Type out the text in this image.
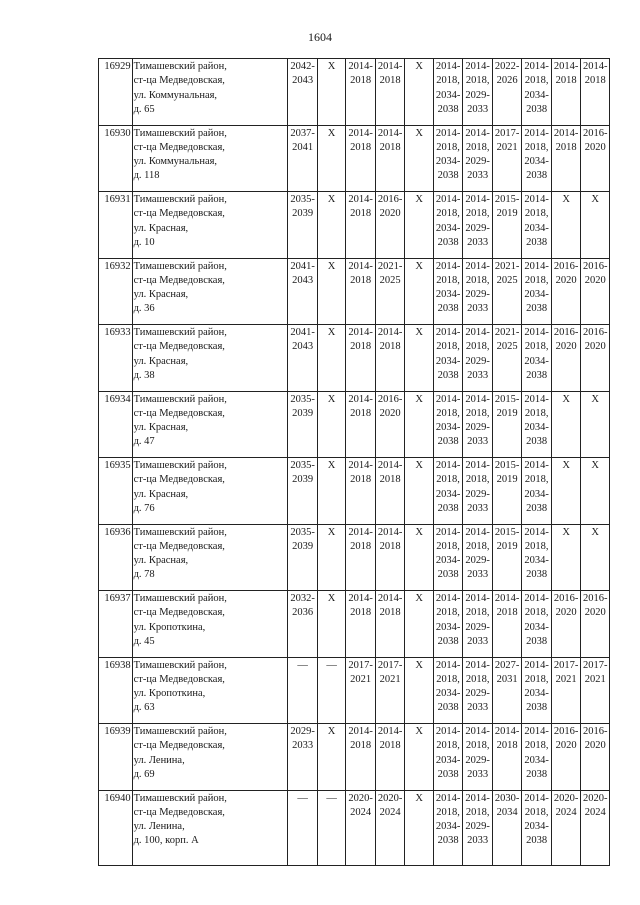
1604
16929	Тимашевский район,
ст-ца Медведовская,
ул. Коммунальная,
д. 65	2042-
2043	X	2014-
2018	2014-
2018	X	2014-
2018,
2034-
2038	2014-
2018,
2029-
2033	2022-
2026	2014-
2018,
2034-
2038	2014-
2018	2014-
2018

16930	Тимашевский район,
ст-ца Медведовская,
ул. Коммунальная,
д. 118	2037-
2041	X	2014-
2018	2014-
2018	X	2014-
2018,
2034-
2038	2014-
2018,
2029-
2033	2017-
2021	2014-
2018,
2034-
2038	2014-
2018	2016-
2020

16931	Тимашевский район,
ст-ца Медведовская,
ул. Красная,
д. 10	2035-
2039	X	2014-
2018	2016-
2020	X	2014-
2018,
2034-
2038	2014-
2018,
2029-
2033	2015-
2019	2014-
2018,
2034-
2038	X	X

16932	Тимашевский район,
ст-ца Медведовская,
ул. Красная,
д. 36	2041-
2043	X	2014-
2018	2021-
2025	X	2014-
2018,
2034-
2038	2014-
2018,
2029-
2033	2021-
2025	2014-
2018,
2034-
2038	2016-
2020	2016-
2020

16933	Тимашевский район,
ст-ца Медведовская,
ул. Красная,
д. 38	2041-
2043	X	2014-
2018	2014-
2018	X	2014-
2018,
2034-
2038	2014-
2018,
2029-
2033	2021-
2025	2014-
2018,
2034-
2038	2016-
2020	2016-
2020

16934	Тимашевский район,
ст-ца Медведовская,
ул. Красная,
д. 47	2035-
2039	X	2014-
2018	2016-
2020	X	2014-
2018,
2034-
2038	2014-
2018,
2029-
2033	2015-
2019	2014-
2018,
2034-
2038	X	X

16935	Тимашевский район,
ст-ца Медведовская,
ул. Красная,
д. 76	2035-
2039	X	2014-
2018	2014-
2018	X	2014-
2018,
2034-
2038	2014-
2018,
2029-
2033	2015-
2019	2014-
2018,
2034-
2038	X	X

16936	Тимашевский район,
ст-ца Медведовская,
ул. Красная,
д. 78	2035-
2039	X	2014-
2018	2014-
2018	X	2014-
2018,
2034-
2038	2014-
2018,
2029-
2033	2015-
2019	2014-
2018,
2034-
2038	X	X

16937	Тимашевский район,
ст-ца Медведовская,
ул. Кропоткина,
д. 45	2032-
2036	X	2014-
2018	2014-
2018	X	2014-
2018,
2034-
2038	2014-
2018,
2029-
2033	2014-
2018	2014-
2018,
2034-
2038	2016-
2020	2016-
2020

16938	Тимашевский район,
ст-ца Медведовская,
ул. Кропоткина,
д. 63	—	—	2017-
2021	2017-
2021	X	2014-
2018,
2034-
2038	2014-
2018,
2029-
2033	2027-
2031	2014-
2018,
2034-
2038	2017-
2021	2017-
2021

16939	Тимашевский район,
ст-ца Медведовская,
ул. Ленина,
д. 69	2029-
2033	X	2014-
2018	2014-
2018	X	2014-
2018,
2034-
2038	2014-
2018,
2029-
2033	2014-
2018	2014-
2018,
2034-
2038	2016-
2020	2016-
2020

16940	Тимашевский район,
ст-ца Медведовская,
ул. Ленина,
д. 100, корп. А	—	—	2020-
2024	2020-
2024	X	2014-
2018,
2034-
2038	2014-
2018,
2029-
2033	2030-
2034	2014-
2018,
2034-
2038	2020-
2024	2020-
2024
